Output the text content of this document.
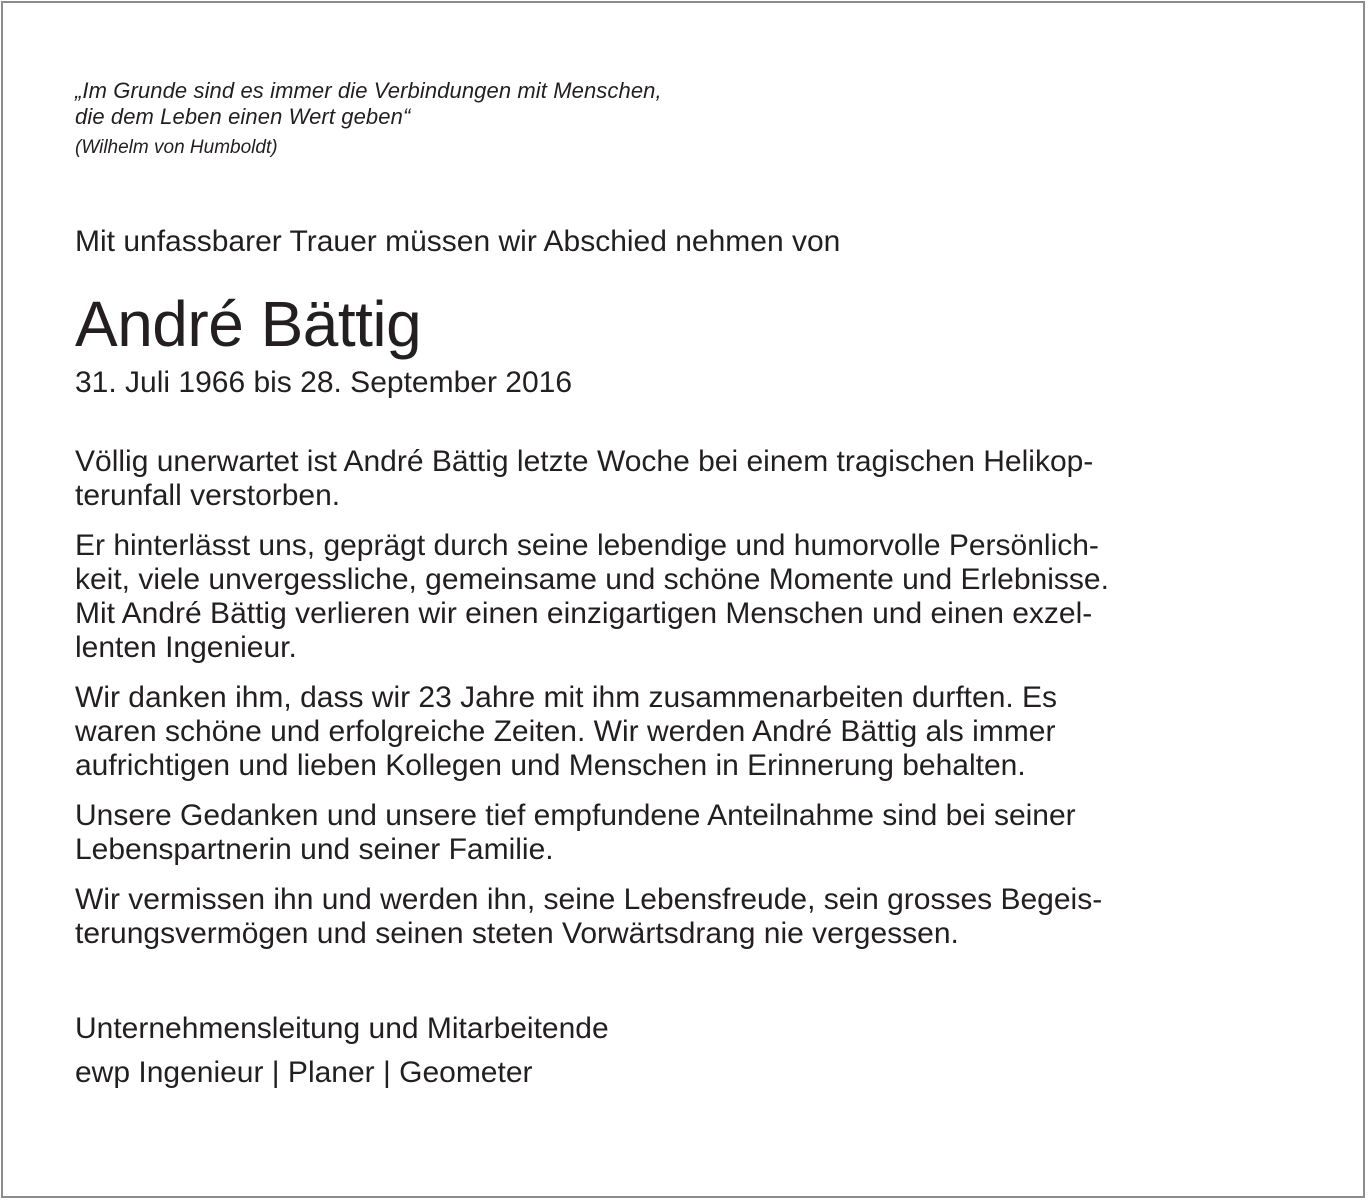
„Im Grunde sind es immer die Verbindungen mit Menschen,
die dem Leben einen Wert geben“
(Wilhelm von Humboldt)
Mit unfassbarer Trauer müssen wir Abschied nehmen von
André Bättig
31. Juli 1966 bis 28. September 2016
Völlig unerwartet ist André Bättig letzte Woche bei einem tragischen Helikop-
terunfall verstorben.
Er hinterlässt uns, geprägt durch seine lebendige und humorvolle Persönlich-
keit, viele unvergessliche, gemeinsame und schöne Momente und Erlebnisse.
Mit André Bättig verlieren wir einen einzigartigen Menschen und einen exzel-
lenten Ingenieur.
Wir danken ihm, dass wir 23 Jahre mit ihm zusammenarbeiten durften. Es
waren schöne und erfolgreiche Zeiten. Wir werden André Bättig als immer
aufrichtigen und lieben Kollegen und Menschen in Erinnerung behalten.
Unsere Gedanken und unsere tief empfundene Anteilnahme sind bei seiner
Lebenspartnerin und seiner Familie.
Wir vermissen ihn und werden ihn, seine Lebensfreude, sein grosses Begeis-
terungsvermögen und seinen steten Vorwärtsdrang nie vergessen.
Unternehmensleitung und Mitarbeitende
ewp Ingenieur | Planer | Geometer
